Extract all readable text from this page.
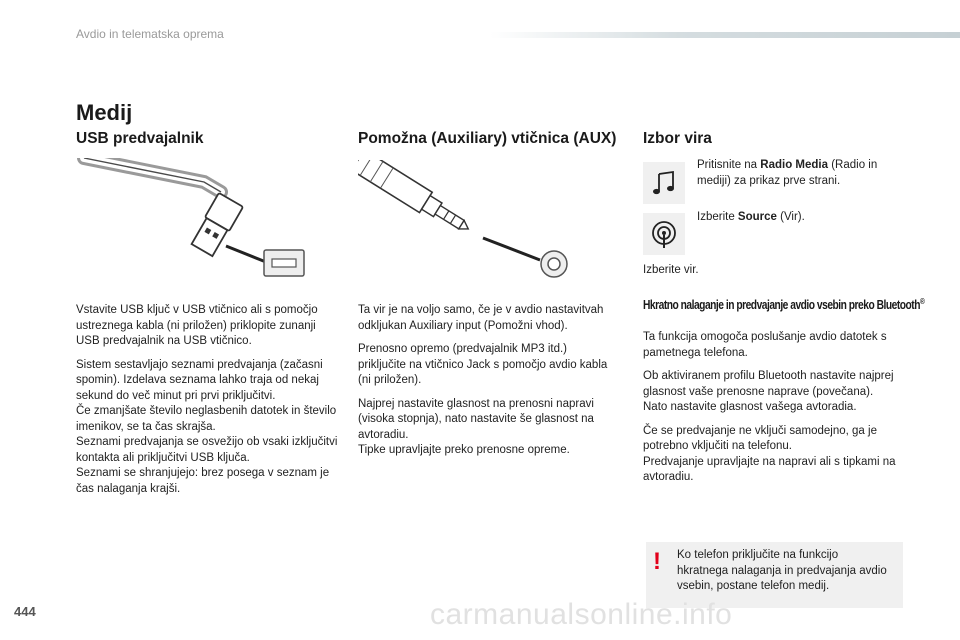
Avdio in telematska oprema
Medij
USB predvajalnik

Vstavite USB ključ v USB vtičnico ali s pomočjo ustreznega kabla (ni priložen) priklopite zunanji USB predvajalnik na USB vtičnico.

Sistem sestavljajo seznami predvajanja (začasni spomin). Izdelava seznama lahko traja od nekaj sekund do več minut pri prvi priključitvi.
Če zmanjšate število neglasbenih datotek in število imenikov, se ta čas skrajša.
Seznami predvajanja se osvežijo ob vsaki izključitvi kontakta ali priključitvi USB ključa.
Seznami se shranjujejo: brez posega v seznam je čas nalaganja krajši.

Pomožna (Auxiliary) vtičnica (AUX)

Ta vir je na voljo samo, če je v avdio nastavitvah odkljukan Auxiliary input (Pomožni vhod).

Prenosno opremo (predvajalnik MP3 itd.) priključite na vtičnico Jack s pomočjo avdio kabla (ni priložen).

Najprej nastavite glasnost na prenosni napravi (visoka stopnja), nato nastavite še glasnost na avtoradiu.
Tipke upravljajte preko prenosne opreme.

Izbor vira
Pritisnite na Radio Media (Radio in mediji) za prikaz prve strani.
Izberite Source (Vir).
Izberite vir.
Hkratno nalaganje in predvajanje avdio vsebin preko Bluetooth®

Ta funkcija omogoča poslušanje avdio datotek s pametnega telefona.

Ob aktiviranem profilu Bluetooth nastavite najprej glasnost vaše prenosne naprave (povečana).
Nato nastavite glasnost vašega avtoradia.

Če se predvajanje ne vključi samodejno, ga je potrebno vključiti na telefonu.
Predvajanje upravljajte na napravi ali s tipkami na avtoradiu.

! Ko telefon priključite na funkcijo hkratnega nalaganja in predvajanja avdio vsebin, postane telefon medij.
carmanualsonline.info
444
